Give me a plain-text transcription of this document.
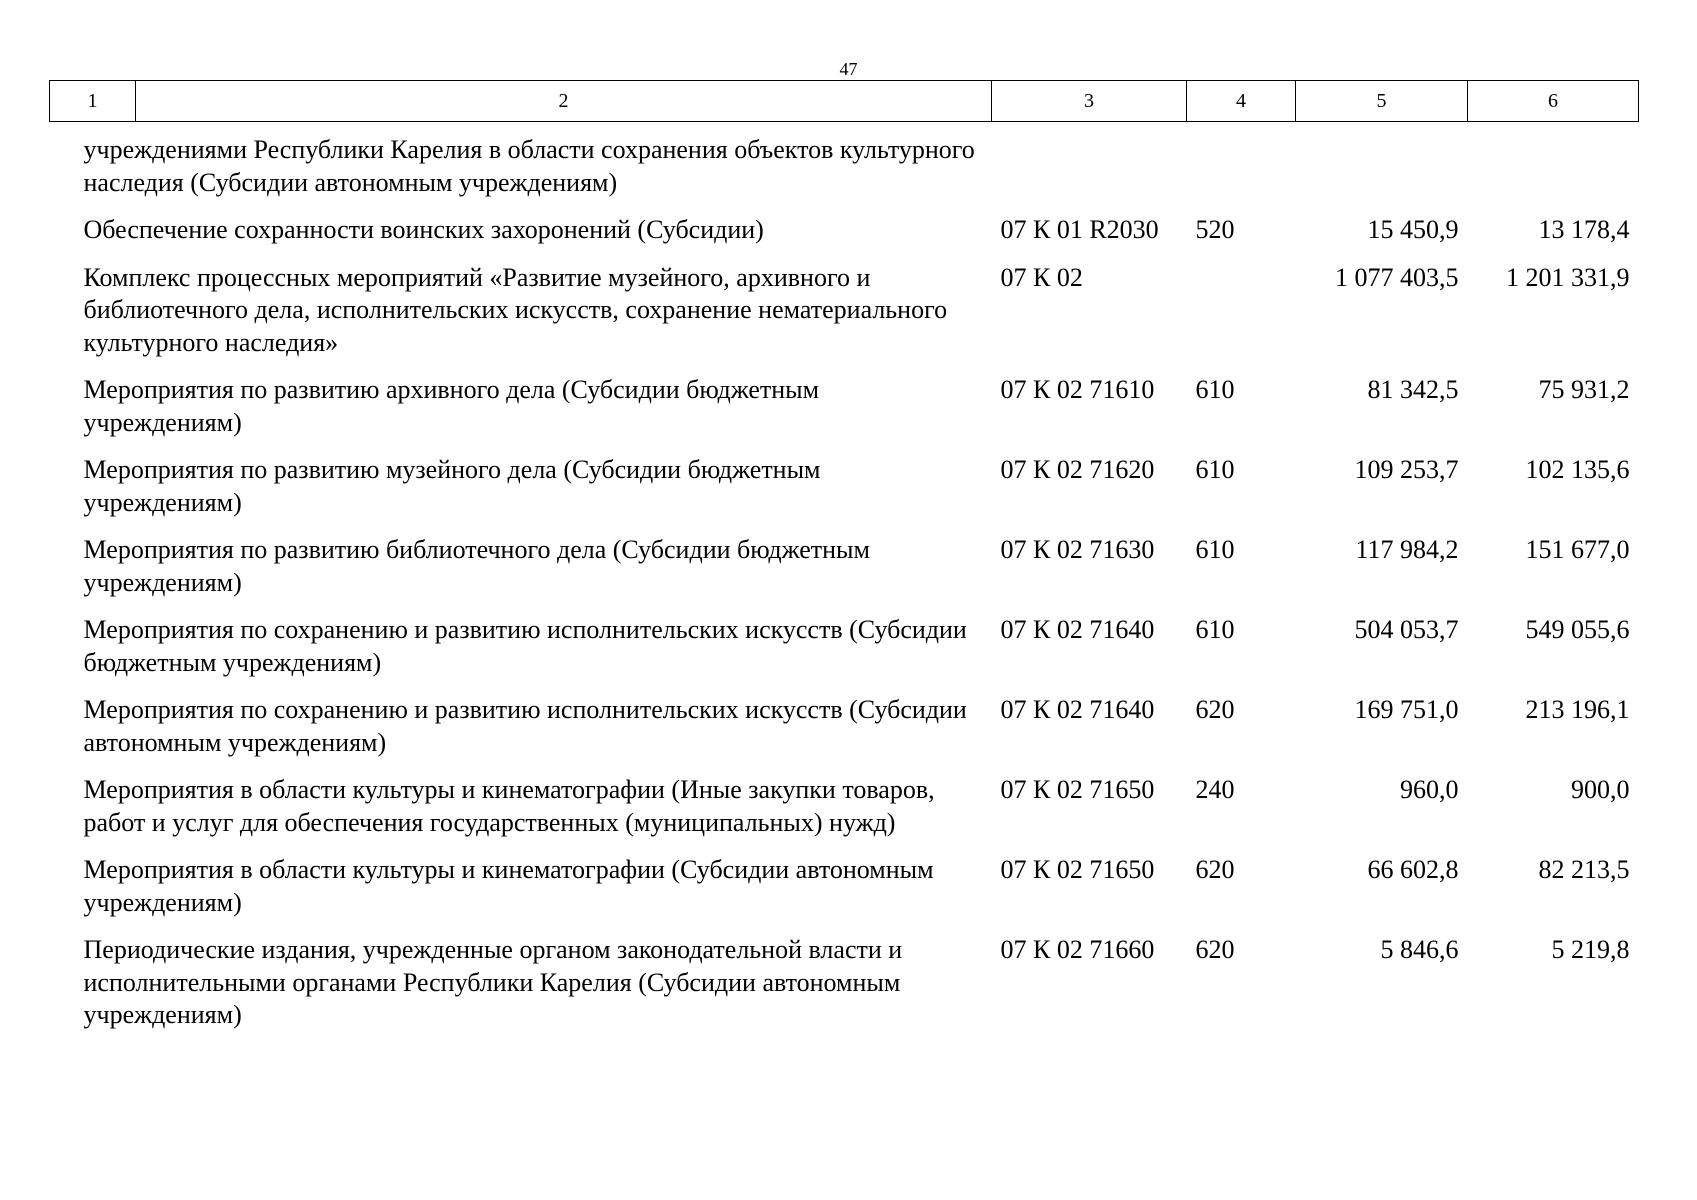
47
1	2	3	4	5	6
учреждениями Республики Карелия в области сохранения объектов культурного наследия (Субсидии автономным учреждениям)					
Обеспечение сохранности воинских захоронений (Субсидии)		07 К 01 R2030	520	15 450,9	13 178,4
Комплекс процессных мероприятий «Развитие музейного, архивного и библиотечного дела, исполнительских искусств, сохранение нематериального культурного наследия»		07 К 02		1 077 403,5	1 201 331,9
Мероприятия по развитию архивного дела (Субсидии бюджетным учреждениям)		07 К 02 71610	610	81 342,5	75 931,2
Мероприятия по развитию музейного дела (Субсидии бюджетным учреждениям)		07 К 02 71620	610	109 253,7	102 135,6
Мероприятия по развитию библиотечного дела (Субсидии бюджетным учреждениям)		07 К 02 71630	610	117 984,2	151 677,0
Мероприятия по сохранению и развитию исполнительских искусств (Субсидии бюджетным учреждениям)		07 К 02 71640	610	504 053,7	549 055,6
Мероприятия по сохранению и развитию исполнительских искусств (Субсидии автономным учреждениям)		07 К 02 71640	620	169 751,0	213 196,1
Мероприятия в области культуры и кинематографии (Иные закупки товаров, работ и услуг для обеспечения государственных (муниципальных) нужд)		07 К 02 71650	240	960,0	900,0
Мероприятия в области культуры и кинематографии (Субсидии автономным учреждениям)		07 К 02 71650	620	66 602,8	82 213,5
Периодические издания, учрежденные органом законодательной власти и исполнительными органами Республики Карелия (Субсидии автономным учреждениям)		07 К 02 71660	620	5 846,6	5 219,8
